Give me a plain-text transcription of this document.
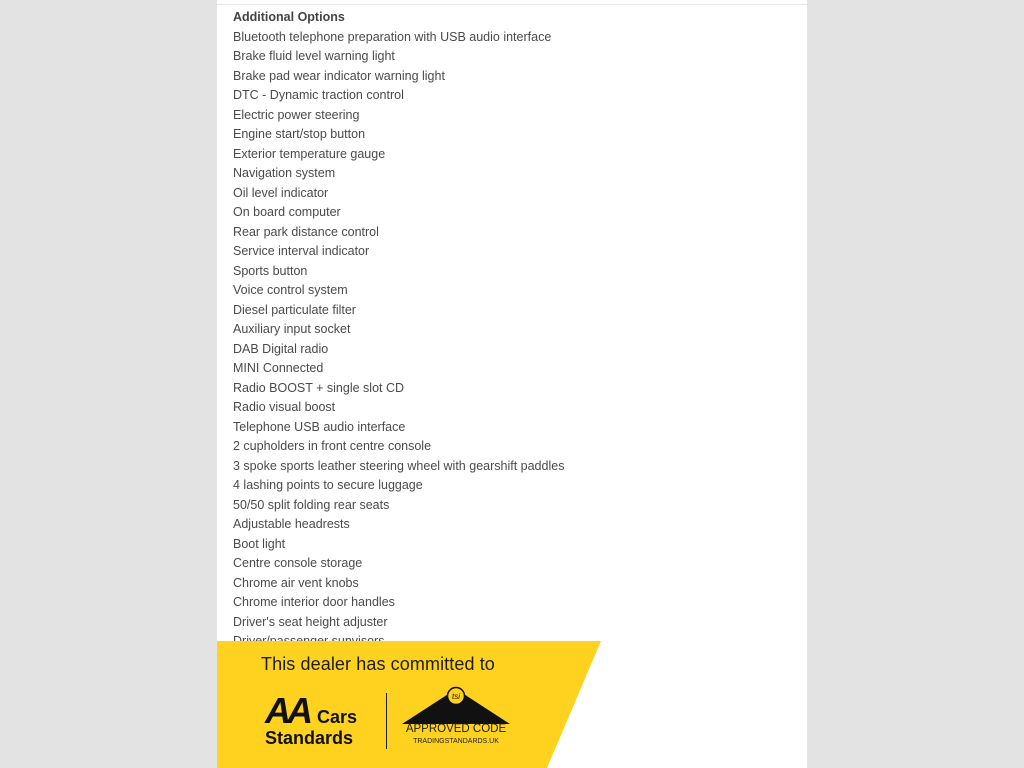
Additional Options
Bluetooth telephone preparation with USB audio interface
Brake fluid level warning light
Brake pad wear indicator warning light
DTC - Dynamic traction control
Electric power steering
Engine start/stop button
Exterior temperature gauge
Navigation system
Oil level indicator
On board computer
Rear park distance control
Service interval indicator
Sports button
Voice control system
Diesel particulate filter
Auxiliary input socket
DAB Digital radio
MINI Connected
Radio BOOST + single slot CD
Radio visual boost
Telephone USB audio interface
2 cupholders in front centre console
3 spoke sports leather steering wheel with gearshift paddles
4 lashing points to secure luggage
50/50 split folding rear seats
Adjustable headrests
Boot light
Centre console storage
Chrome air vent knobs
Chrome interior door handles
Driver's seat height adjuster
This dealer has committed to
AA Cars
Standards
tsi
APPROVED CODE
TRADINGSTANDARDS.UK
